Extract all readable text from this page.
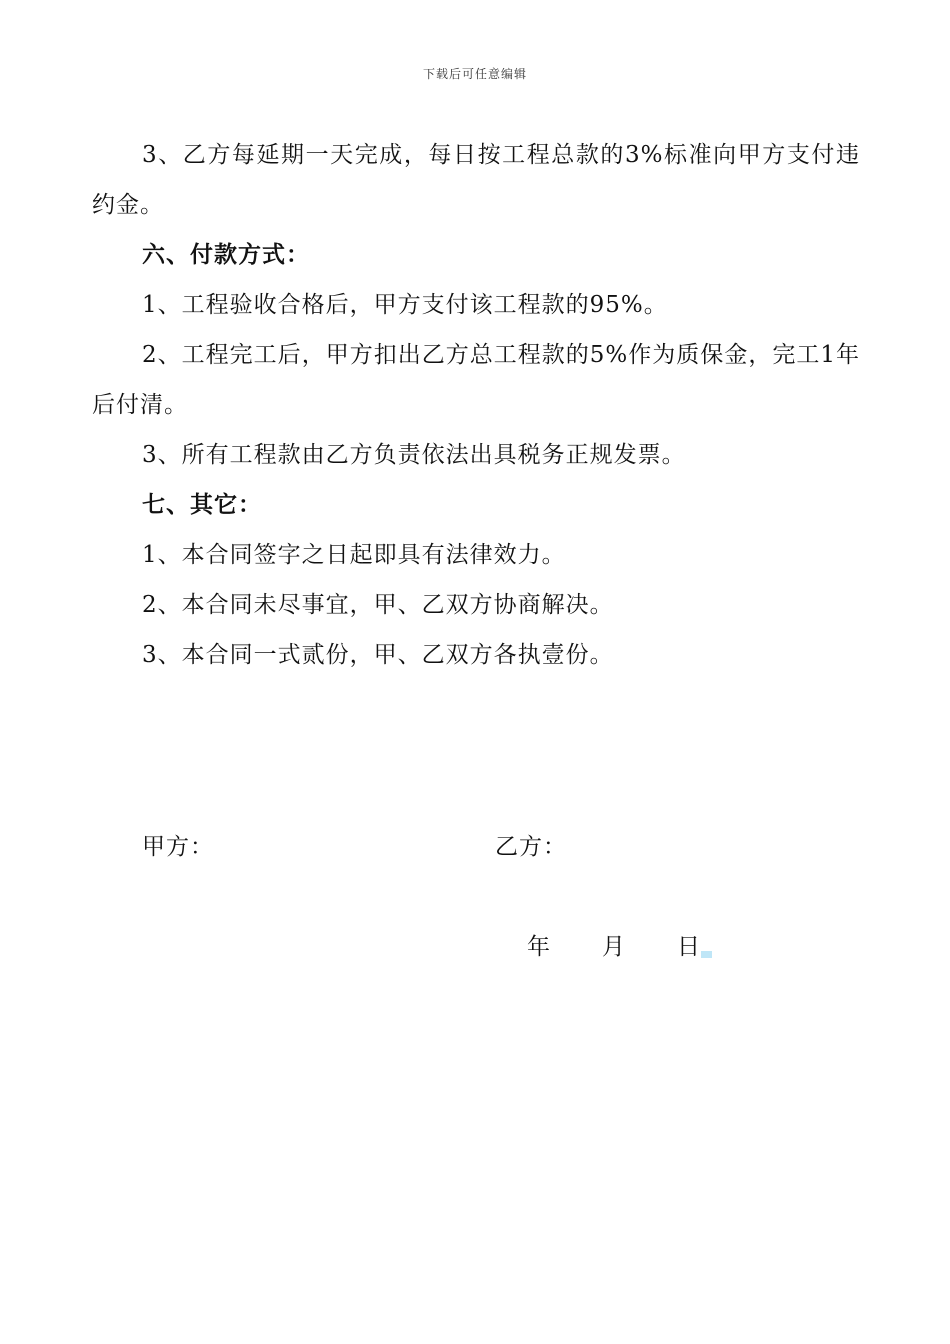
下载后可任意编辑

3、乙方每延期一天完成，每日按工程总款的3%标准向甲方支付违约金。

六、付款方式：

1、工程验收合格后，甲方支付该工程款的95%。

2、工程完工后，甲方扣出乙方总工程款的5%作为质保金，完工1年后付清。

3、所有工程款由乙方负责依法出具税务正规发票。

七、其它：

1、本合同签字之日起即具有法律效力。

2、本合同未尽事宜，甲、乙双方协商解决。

3、本合同一式贰份，甲、乙双方各执壹份。

甲方：	乙方：
年 月 日
